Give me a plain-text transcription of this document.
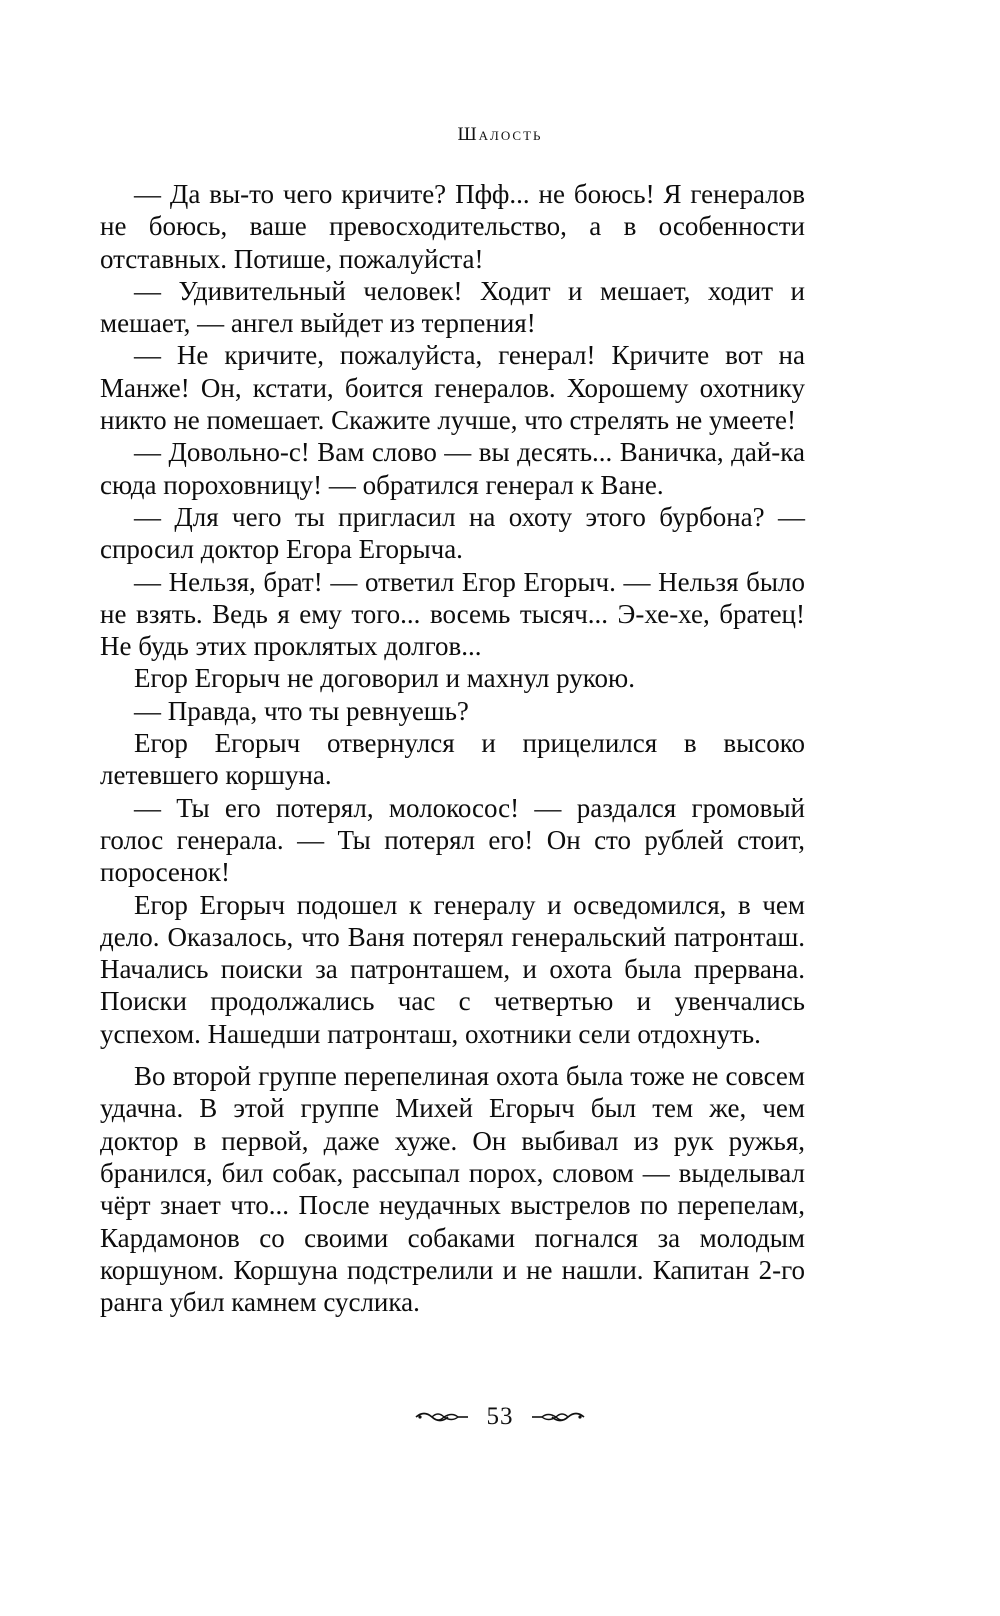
Шалость

— Да вы-то чего кричите? Пфф... не боюсь! Я генералов не боюсь, ваше превосходительство, а в особенности отставных. Потише, пожалуйста!

— Удивительный человек! Ходит и мешает, ходит и мешает, — ангел выйдет из терпения!

— Не кричите, пожалуйста, генерал! Кричите вот на Манже! Он, кстати, боится генералов. Хорошему охотнику никто не помешает. Скажите лучше, что стрелять не умеете!

— Довольно-с! Вам слово — вы десять... Ваничка, дай-ка сюда пороховницу! — обратился генерал к Ване.

— Для чего ты пригласил на охоту этого бурбона? — спросил доктор Егора Егорыча.

— Нельзя, брат! — ответил Егор Егорыч. — Нельзя было не взять. Ведь я ему того... восемь тысяч... Э-хе-хе, братец! Не будь этих проклятых долгов...

Егор Егорыч не договорил и махнул рукою.

— Правда, что ты ревнуешь?

Егор Егорыч отвернулся и прицелился в высоко летевшего коршуна.

— Ты его потерял, молокосос! — раздался громовый голос генерала. — Ты потерял его! Он сто рублей стоит, поросенок!

Егор Егорыч подошел к генералу и осведомился, в чем дело. Оказалось, что Ваня потерял генеральский патронташ. Начались поиски за патронташем, и охота была прервана. Поиски продолжались час с четвертью и увенчались успехом. Нашедши патронташ, охотники сели отдохнуть.

Во второй группе перепелиная охота была тоже не совсем удачна. В этой группе Михей Егорыч был тем же, чем доктор в первой, даже хуже. Он выбивал из рук ружья, бранился, бил собак, рассыпал порох, словом — выделывал чёрт знает что... После неудачных выстрелов по перепелам, Кардамонов со своими собаками погнался за молодым коршуном. Коршуна подстрелили и не нашли. Капитан 2-го ранга убил камнем суслика.

53
